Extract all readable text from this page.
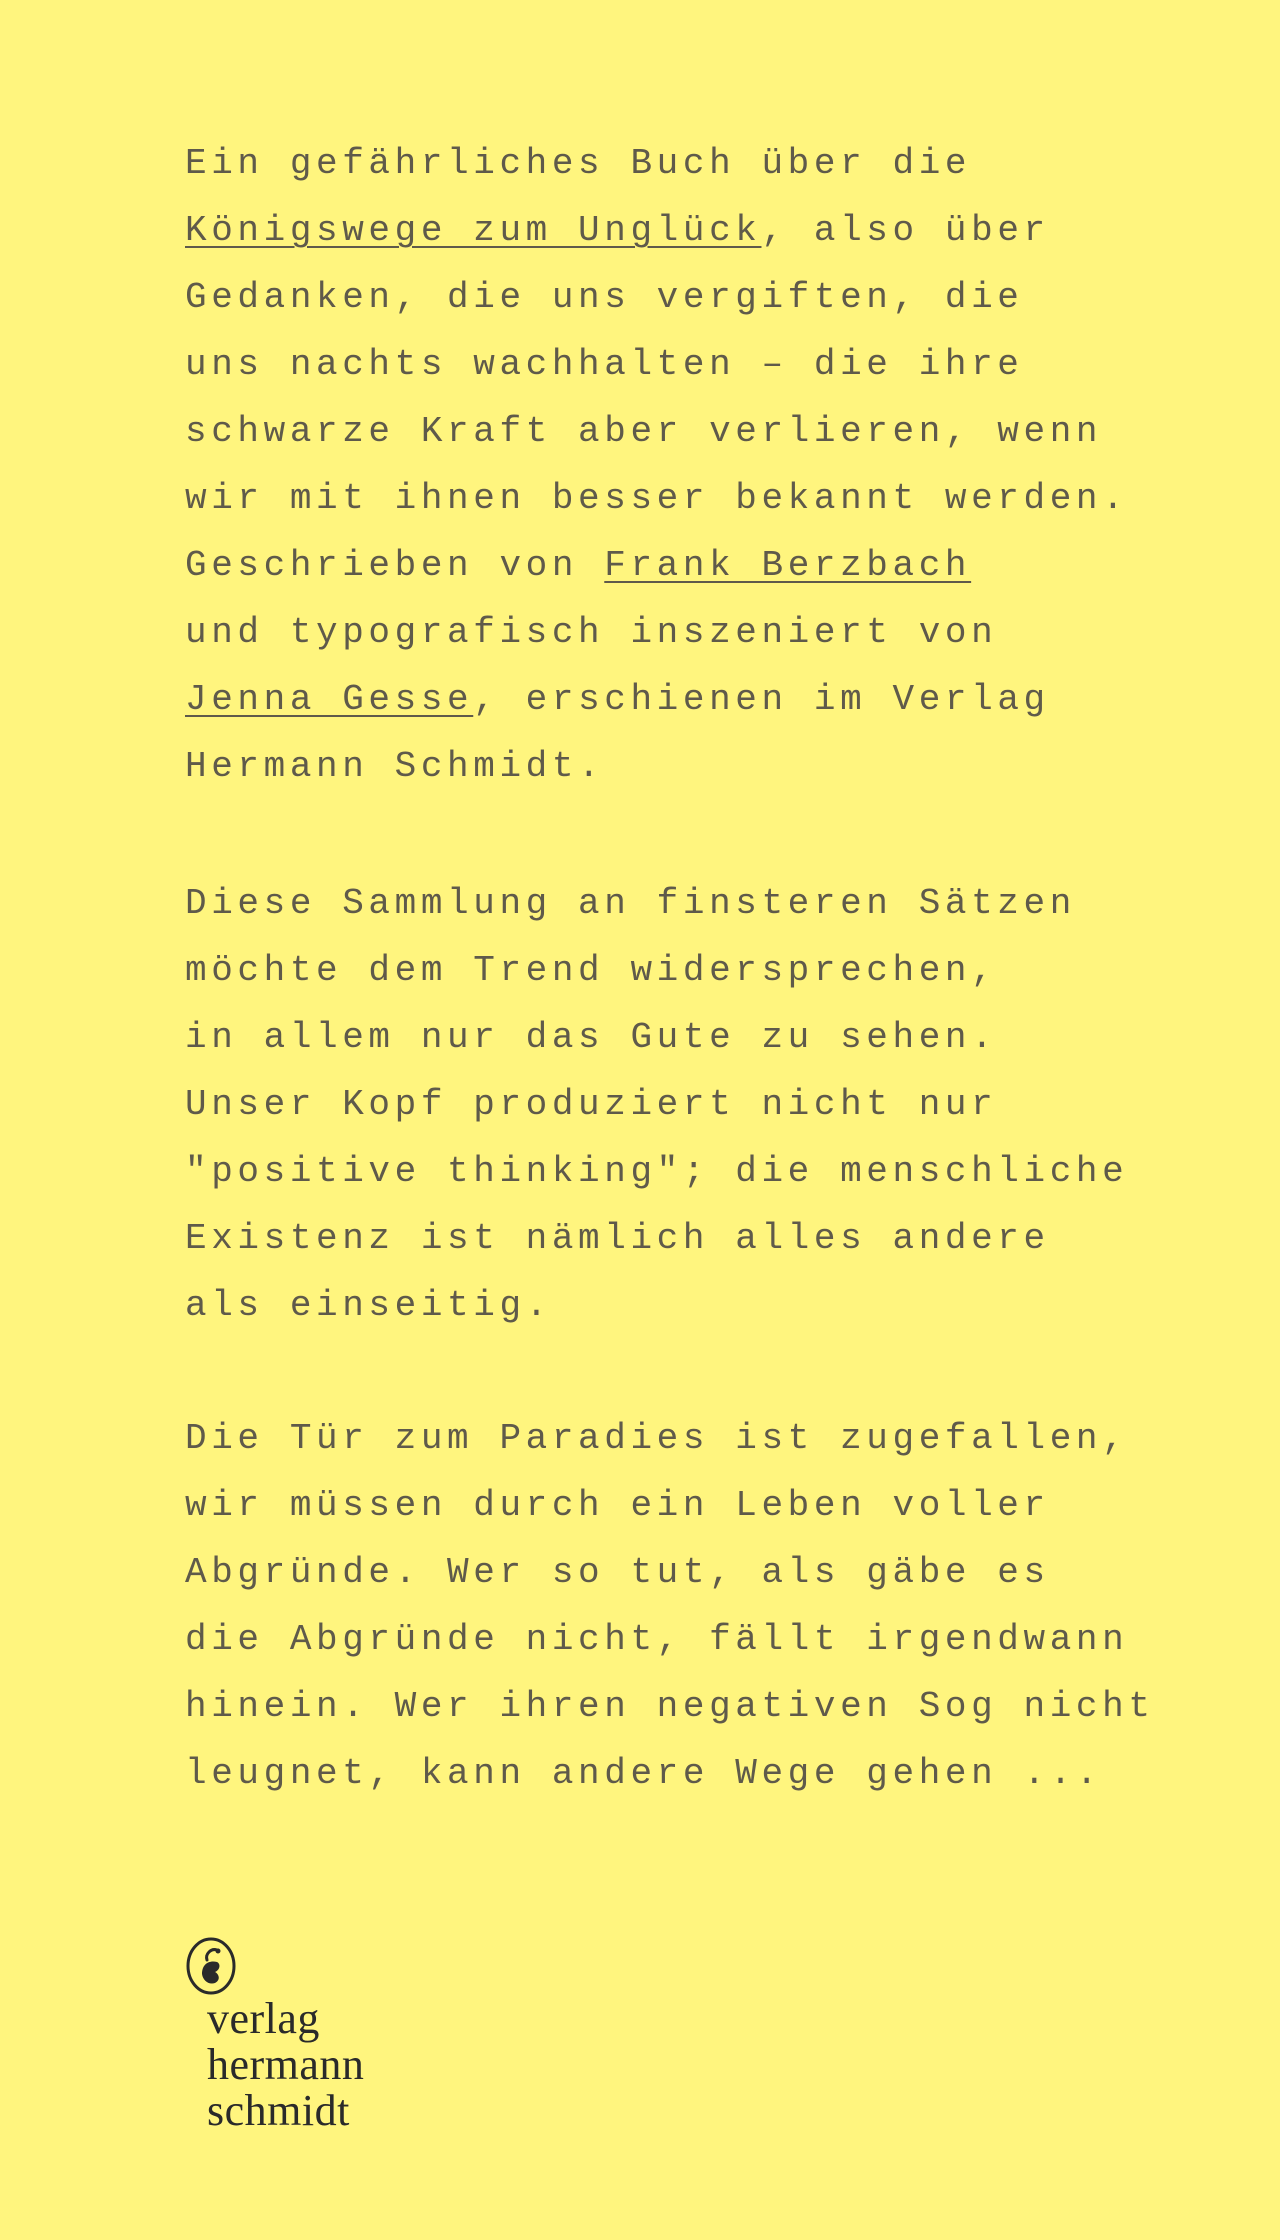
Ein gefährliches Buch über die
Königswege zum Unglück, also über
Gedanken, die uns vergiften, die
uns nachts wachhalten – die ihre
schwarze Kraft aber verlieren, wenn
wir mit ihnen besser bekannt werden.
Geschrieben von Frank Berzbach
und typografisch inszeniert von
Jenna Gesse, erschienen im Verlag
Hermann Schmidt.
Diese Sammlung an finsteren Sätzen
möchte dem Trend widersprechen,
in allem nur das Gute zu sehen.
Unser Kopf produziert nicht nur
"positive thinking"; die menschliche
Existenz ist nämlich alles andere
als einseitig.
Die Tür zum Paradies ist zugefallen,
wir müssen durch ein Leben voller
Abgründe. Wer so tut, als gäbe es
die Abgründe nicht, fällt irgendwann
hinein. Wer ihren negativen Sog nicht
leugnet, kann andere Wege gehen ...
verlag
hermann
schmidt
